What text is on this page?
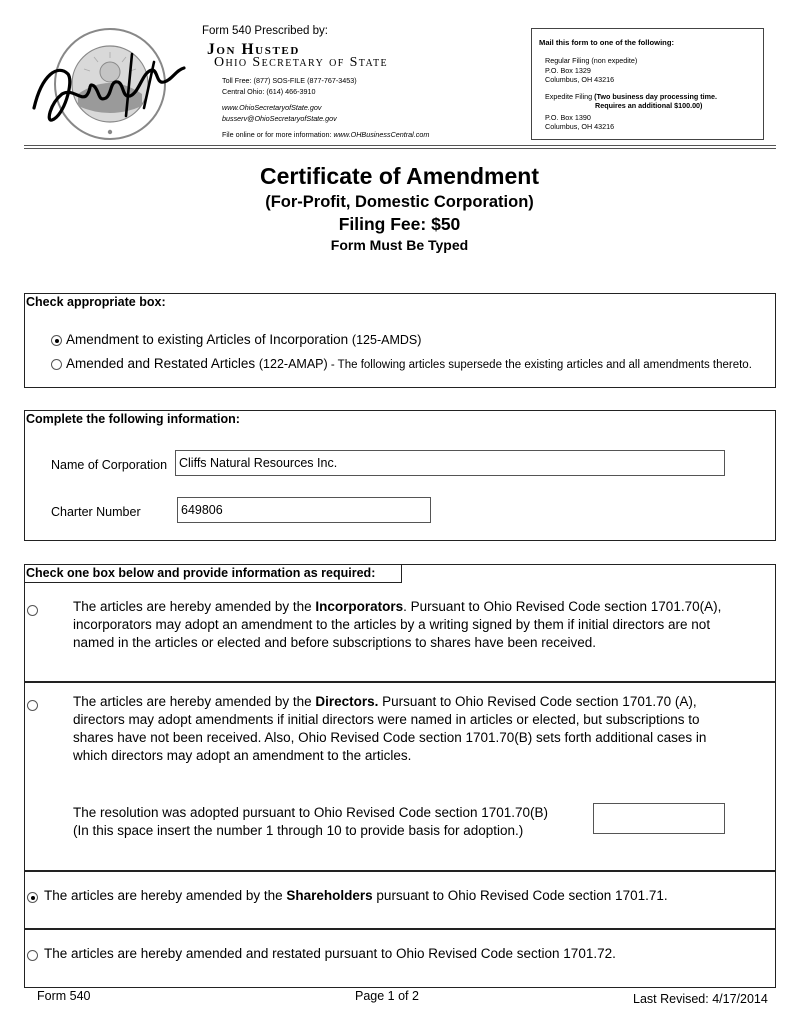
Form 540 Prescribed by:
Jon Husted
Ohio Secretary of State
Toll Free: (877) SOS-FILE (877-767-3453)
Central Ohio: (614) 466-3910
www.OhioSecretaryofState.gov
busserv@OhioSecretaryofState.gov
File online or for more information: www.OHBusinessCentral.com
Mail this form to one of the following:
Regular Filing (non expedite)
P.O. Box 1329
Columbus, OH 43216
Expedite Filing (Two business day processing time.
Requires an additional $100.00)
P.O. Box 1390
Columbus, OH 43216
Certificate of Amendment
(For-Profit, Domestic Corporation)
Filing Fee: $50
Form Must Be Typed
Check appropriate box:
Amendment to existing Articles of Incorporation (125-AMDS)
Amended and Restated Articles (122-AMAP) - The following articles supersede the existing articles and all amendments thereto.
Complete the following information:
Name of Corporation Cliffs Natural Resources Inc.
Charter Number	649806
Check one box below and provide information as required:
The articles are hereby amended by the Incorporators. Pursuant to Ohio Revised Code section 1701.70(A), incorporators may adopt an amendment to the articles by a writing signed by them if initial directors are not named in the articles or elected and before subscriptions to shares have been received.
The articles are hereby amended by the Directors. Pursuant to Ohio Revised Code section 1701.70 (A), directors may adopt amendments if initial directors were named in articles or elected, but subscriptions to shares have not been received. Also, Ohio Revised Code section 1701.70(B) sets forth additional cases in which directors may adopt an amendment to the articles.
The resolution was adopted pursuant to Ohio Revised Code section 1701.70(B)
(In this space insert the number 1 through 10 to provide basis for adoption.)
The articles are hereby amended by the Shareholders pursuant to Ohio Revised Code section 1701.71.
The articles are hereby amended and restated pursuant to Ohio Revised Code section 1701.72.
Form 540	Page 1 of 2	Last Revised: 4/17/2014
